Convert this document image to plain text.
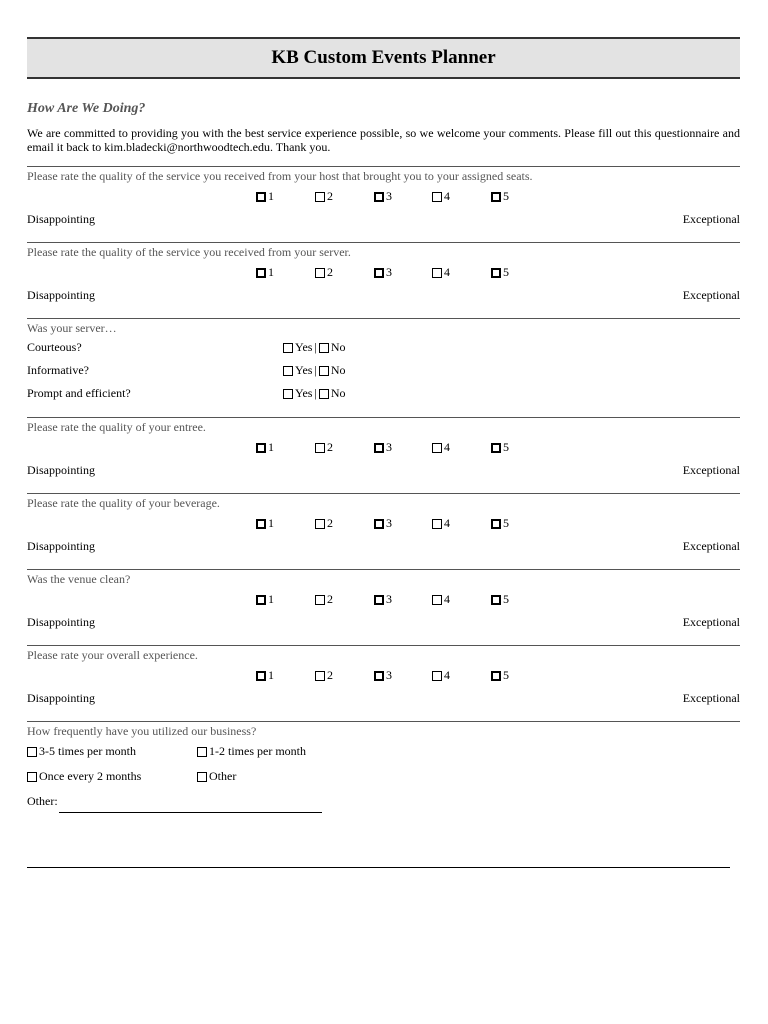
KB Custom Events Planner
How Are We Doing?
We are committed to providing you with the best service experience possible, so we welcome your comments. Please fill out this questionnaire and email it back to kim.bladecki@northwoodtech.edu. Thank you.
Please rate the quality of the service you received from your host that brought you to your assigned seats.
1	2	3	4	5
Disappointing	Exceptional
Please rate the quality of the service you received from your server.
1	2	3	4	5
Disappointing	Exceptional
Was your server…
Courteous?	Yes | No
Informative?	Yes | No
Prompt and efficient?	Yes | No
Please rate the quality of your entree.
1	2	3	4	5
Disappointing	Exceptional
Please rate the quality of your beverage.
1	2	3	4	5
Disappointing	Exceptional
Was the venue clean?
1	2	3	4	5
Disappointing	Exceptional
Please rate your overall experience.
1	2	3	4	5
Disappointing	Exceptional
How frequently have you utilized our business?
3-5 times per month	1-2 times per month
Once every 2 months	Other
Other:
